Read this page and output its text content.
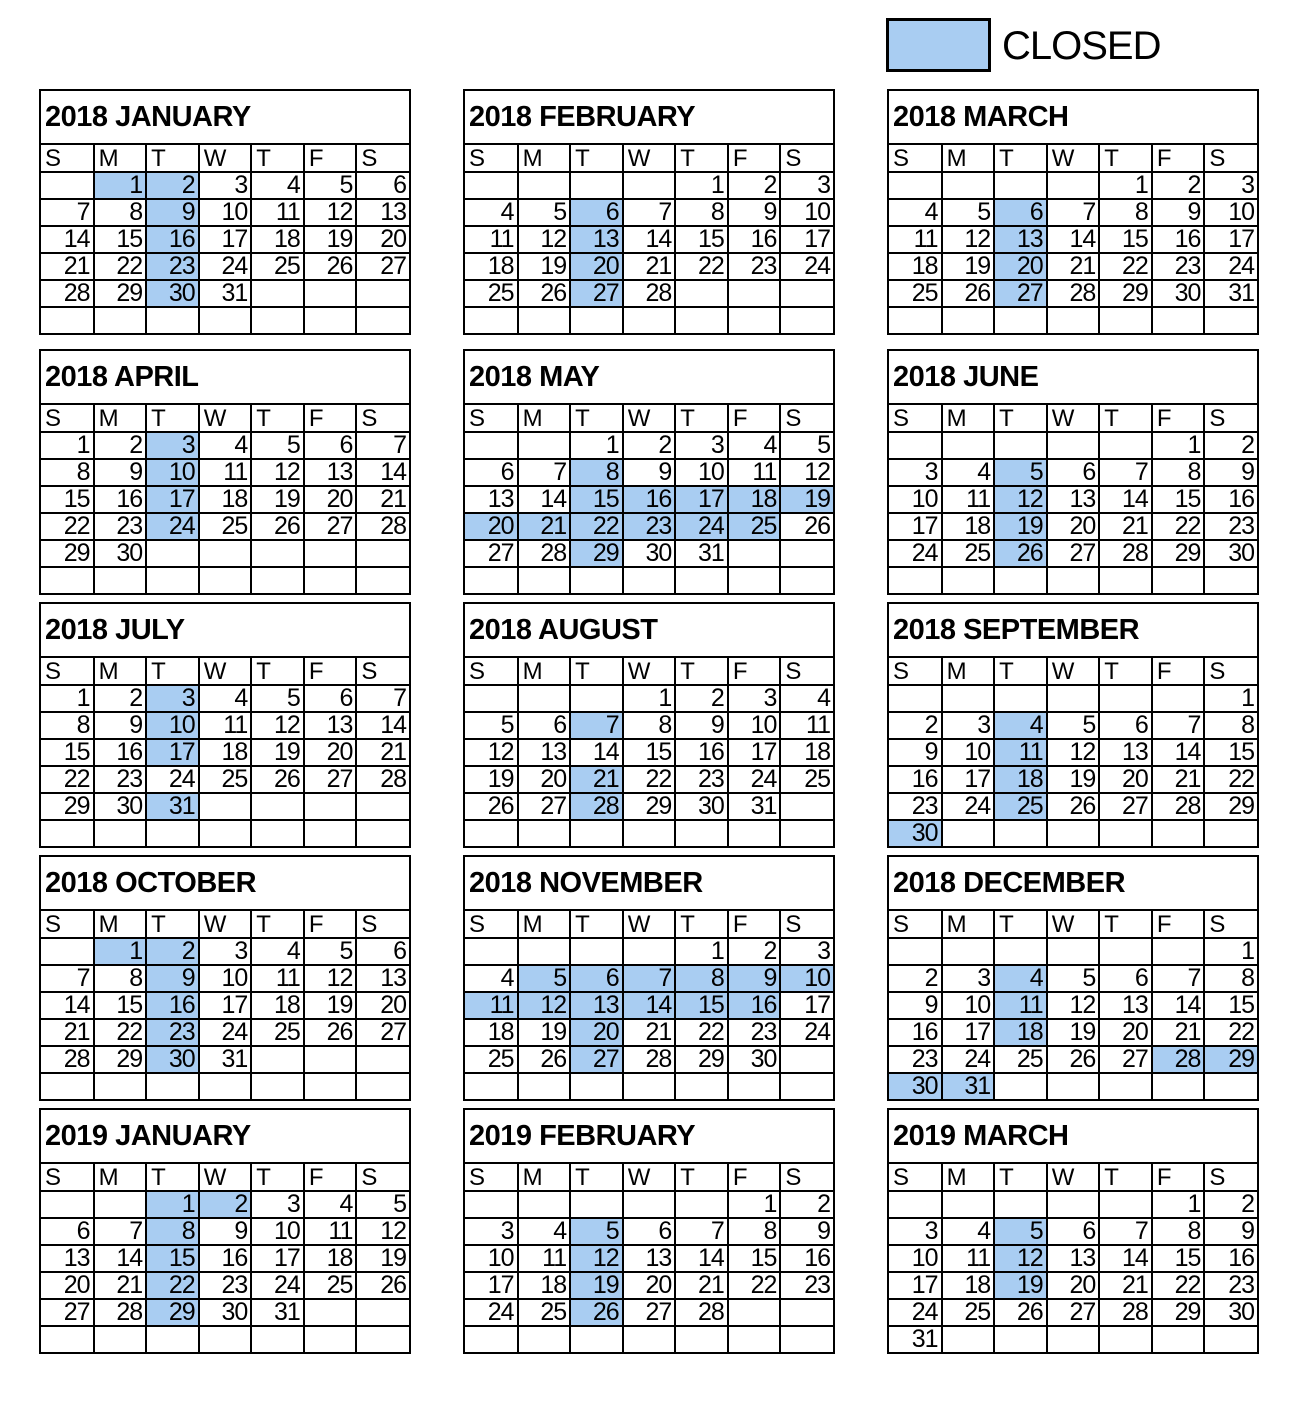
CLOSED
2018 JANUARY
S	M	T	W	T	F	S
	1	2	3	4	5	6
7	8	9	10	11	12	13
14	15	16	17	18	19	20
21	22	23	24	25	26	27
28	29	30	31			

2018 FEBRUARY
S	M	T	W	T	F	S
				1	2	3
4	5	6	7	8	9	10
11	12	13	14	15	16	17
18	19	20	21	22	23	24
25	26	27	28			

2018 MARCH
S	M	T	W	T	F	S
				1	2	3
4	5	6	7	8	9	10
11	12	13	14	15	16	17
18	19	20	21	22	23	24
25	26	27	28	29	30	31

2018 APRIL
S	M	T	W	T	F	S
1	2	3	4	5	6	7
8	9	10	11	12	13	14
15	16	17	18	19	20	21
22	23	24	25	26	27	28
29	30					

2018 MAY
S	M	T	W	T	F	S
		1	2	3	4	5
6	7	8	9	10	11	12
13	14	15	16	17	18	19
20	21	22	23	24	25	26
27	28	29	30	31		

2018 JUNE
S	M	T	W	T	F	S
					1	2
3	4	5	6	7	8	9
10	11	12	13	14	15	16
17	18	19	20	21	22	23
24	25	26	27	28	29	30

2018 JULY
S	M	T	W	T	F	S
1	2	3	4	5	6	7
8	9	10	11	12	13	14
15	16	17	18	19	20	21
22	23	24	25	26	27	28
29	30	31				

2018 AUGUST
S	M	T	W	T	F	S
			1	2	3	4
5	6	7	8	9	10	11
12	13	14	15	16	17	18
19	20	21	22	23	24	25
26	27	28	29	30	31	

2018 SEPTEMBER
S	M	T	W	T	F	S
						1
2	3	4	5	6	7	8
9	10	11	12	13	14	15
16	17	18	19	20	21	22
23	24	25	26	27	28	29
30						
2018 OCTOBER
S	M	T	W	T	F	S
	1	2	3	4	5	6
7	8	9	10	11	12	13
14	15	16	17	18	19	20
21	22	23	24	25	26	27
28	29	30	31			

2018 NOVEMBER
S	M	T	W	T	F	S
				1	2	3
4	5	6	7	8	9	10
11	12	13	14	15	16	17
18	19	20	21	22	23	24
25	26	27	28	29	30	

2018 DECEMBER
S	M	T	W	T	F	S
						1
2	3	4	5	6	7	8
9	10	11	12	13	14	15
16	17	18	19	20	21	22
23	24	25	26	27	28	29
30	31					
2019 JANUARY
S	M	T	W	T	F	S
		1	2	3	4	5
6	7	8	9	10	11	12
13	14	15	16	17	18	19
20	21	22	23	24	25	26
27	28	29	30	31		

2019 FEBRUARY
S	M	T	W	T	F	S
					1	2
3	4	5	6	7	8	9
10	11	12	13	14	15	16
17	18	19	20	21	22	23
24	25	26	27	28		

2019 MARCH
S	M	T	W	T	F	S
					1	2
3	4	5	6	7	8	9
10	11	12	13	14	15	16
17	18	19	20	21	22	23
24	25	26	27	28	29	30
31						
